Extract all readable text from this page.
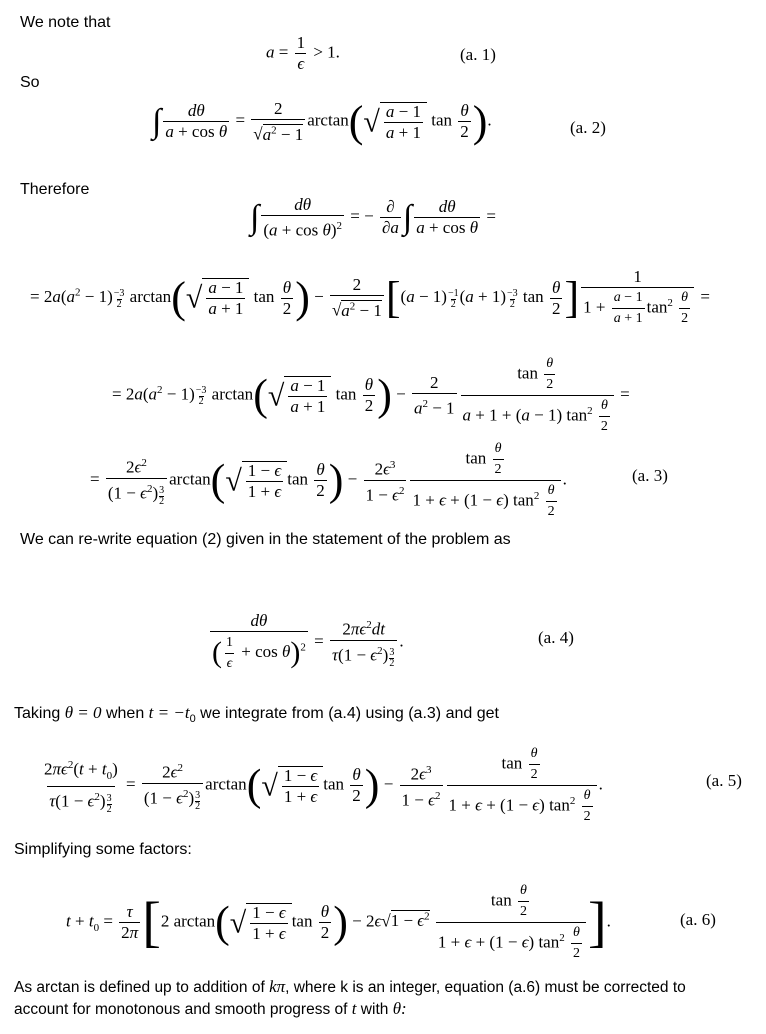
We note that
So
Therefore
We can re-write equation (2) given in the statement of the problem as
Taking θ = 0 when $t = -t_0$ we integrate from (a.4) using (a.3) and get
Simplifying some factors:
As arctan is defined up to addition of kπ, where k is an integer, equation (a.6) must be corrected to
account for monotonous and smooth progress of t with θ:
$a = \frac{1}{\epsilon} > 1$.	(a. 1)
∫ $\frac{d\theta}{\text{a + cos θ}} = \frac{2}{√a^2 - 1} \arctan(√ \frac{a - 1}{a + 1}$ $\tan \frac{\theta}{2}$ ).	(a. 2)
∫ $\frac{d\theta}{(a + \cos \theta)^2}$ = − $\frac{\partial}{\partial a}$ ∫ $\frac{d\theta}{\text{a + cos θ}}$ =
= $2a(a^2 - 1) \frac{-3}{2} \arctan(√ \frac{a - 1}{a + 1}$ $\tan \frac{\theta}{2}$ ) − $\frac{2}{√a^2 - 1} [(a - 1) \frac{-1}{2} (a + 1) \frac{-3}{2}$ $\tan \frac{\theta}{2}$ ] $\frac{1}{1 + \frac{a - 1}{a + 1} \tan^2 \frac{\theta}{2}}$ =
= $2a(a^2 - 1) \frac{-3}{2} \arctan(√ \frac{a - 1}{a + 1}$ $\tan \frac{\theta}{2}$ ) − $\frac{2}{a^2 - 1} \frac{\tan \frac{\theta}{2}}{a + 1 + (a - 1) \tan^2 \frac{\theta}{2}}$ =
= $\frac{2\epsilon^2}{(1 - \epsilon^2) \frac{3}{2}} \arctan(√ \frac{1 - \epsilon}{1 + \epsilon}$ $\tan \frac{\theta}{2}$ ) − $\frac{2\epsilon^3}{1 - \epsilon^2} \frac{\tan \frac{\theta}{2}}{1 + \epsilon + (1 - \epsilon) \tan^2 \frac{\theta}{2}}$ .	(a. 3)
$\frac{d\theta}{( \frac{1}{\epsilon} + \cos \theta)^2} = \frac{2\pi\epsilon^2dt}{\tau(1 - \epsilon^2) \frac{3}{2}}$ .	(a. 4)
$\frac{2\pi\epsilon^2(t + t_0)}{\tau(1 - \epsilon^2) \frac{3}{2}} = \frac{2\epsilon^2}{(1 - \epsilon^2) \frac{3}{2}} \arctan(√ \frac{1 - \epsilon}{1 + \epsilon}$ $\tan \frac{\theta}{2}$ ) − $\frac{2\epsilon^3}{1 - \epsilon^2} \frac{\tan \frac{\theta}{2}}{1 + \epsilon + (1 - \epsilon) \tan^2 \frac{\theta}{2}}$ .	(a. 5)
$t + t_0 = \frac{\tau}{2\pi} [2$ $\arctan(√ \frac{1 - \epsilon}{1 + \epsilon}$ $\tan \frac{\theta}{2}$ ) − $2\epsilon√1 - \epsilon^2 \frac{\tan \frac{\theta}{2}}{1 + \epsilon + (1 - \epsilon) \tan^2 \frac{\theta}{2}}$ ].	(a. 6)
